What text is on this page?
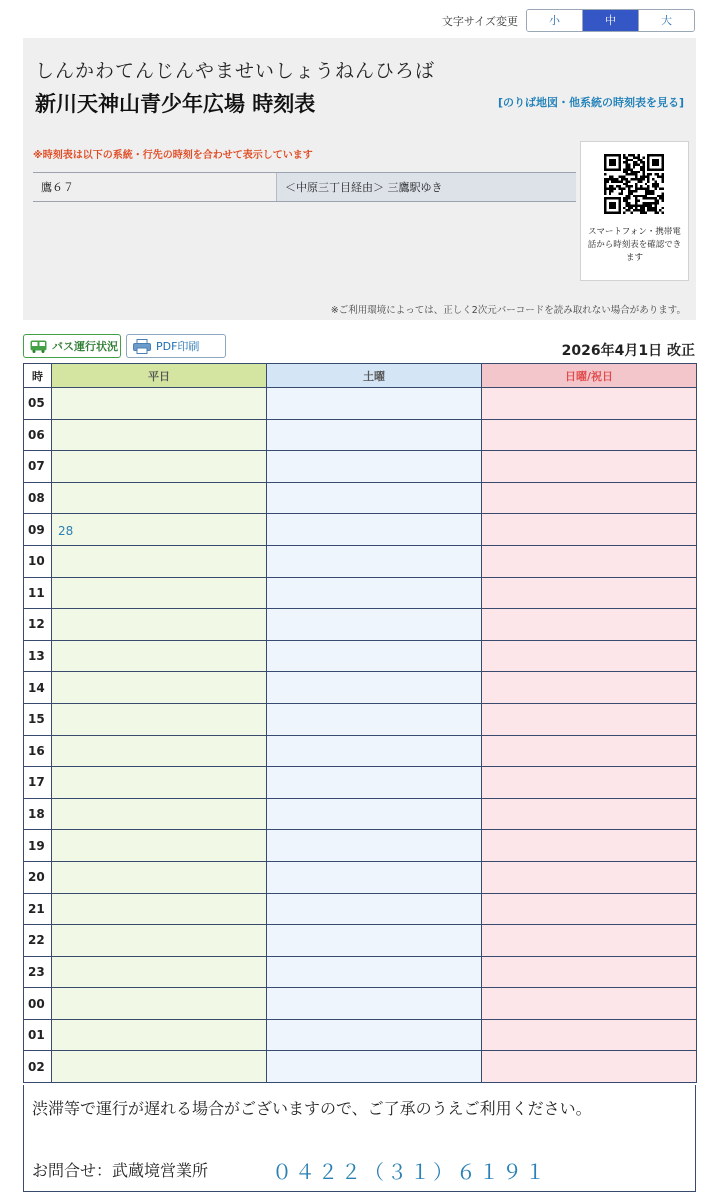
文字サイズ変更	小	中	大
しんかわてんじんやませいしょうねんひろば
新川天神山青少年広場 時刻表	[のりば地図・他系統の時刻表を見る]
※時刻表は以下の系統・行先の時刻を合わせて表示しています
鷹６７	＜中原三丁目経由＞ 三鷹駅ゆき
スマートフォン・携帯電話から時刻表を確認できます
※ご利用環境によっては、正しく2次元バーコードを読み取れない場合があります。
バス運行状況	PDF印刷	2026年4月1日 改正
時	平日	土曜	日曜/祝日
05			
06			
07			
08			
09	28		
10			
11			
12			
13			
14			
15			
16			
17			
18			
19			
20			
21			
22			
23			
00			
01			
02			
渋滞等で運行が遅れる場合がございますので、ご了承のうえご利用ください。
お問合せ：武蔵境営業所	０４２２（３１）６１９１
